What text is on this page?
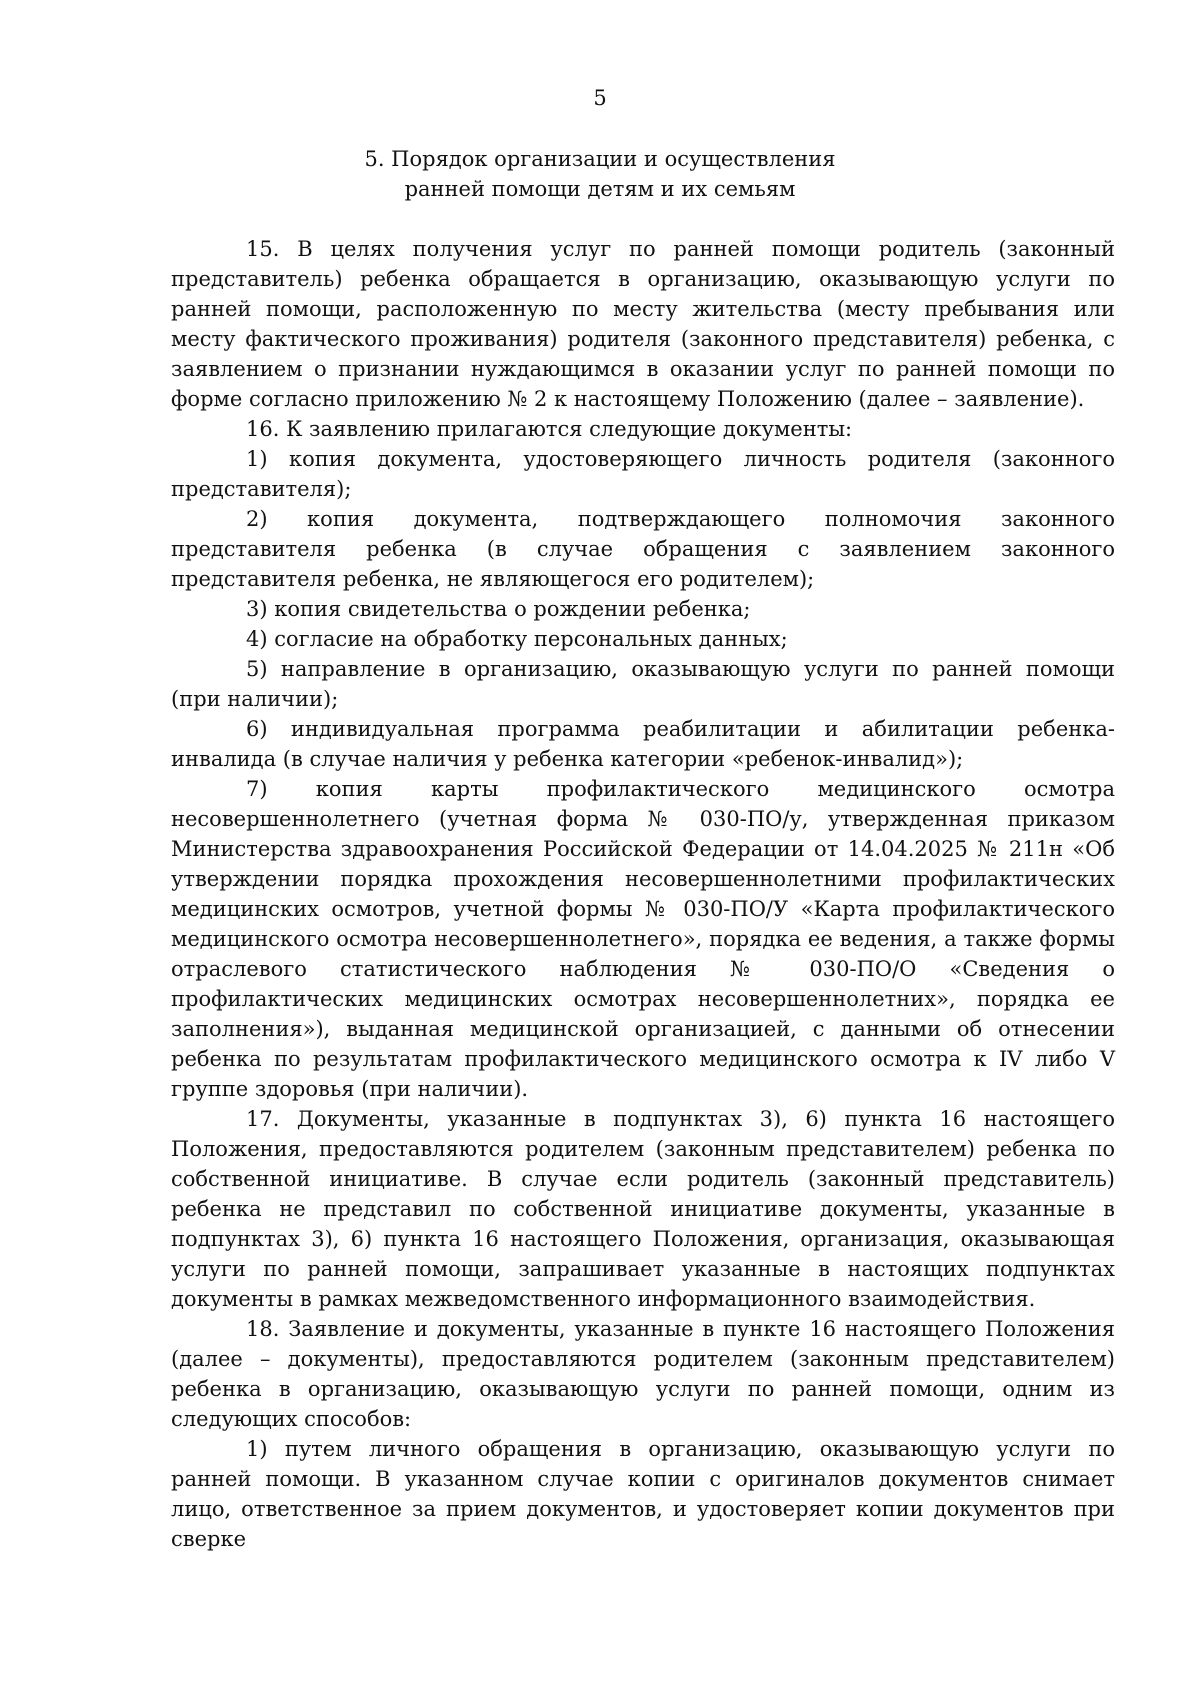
5
5. Порядок организации и осуществления
ранней помощи детям и их семьям

15. В целях получения услуг по ранней помощи родитель (законный представитель) ребенка обращается в организацию, оказывающую услуги по ранней помощи, расположенную по месту жительства (месту пребывания или месту фактического проживания) родителя (законного представителя) ребенка, с заявлением о признании нуждающимся в оказании услуг по ранней помощи по форме согласно приложению № 2 к настоящему Положению (далее – заявление).

16. К заявлению прилагаются следующие документы:

1) копия документа, удостоверяющего личность родителя (законного представителя);

2) копия документа, подтверждающего полномочия законного представителя ребенка (в случае обращения с заявлением законного представителя ребенка, не являющегося его родителем);

3) копия свидетельства о рождении ребенка;

4) согласие на обработку персональных данных;

5) направление в организацию, оказывающую услуги по ранней помощи (при наличии);

6) индивидуальная программа реабилитации и абилитации ребенка-инвалида (в случае наличия у ребенка категории «ребенок-инвалид»);

7) копия карты профилактического медицинского осмотра несовершеннолетнего (учетная форма № 030-ПО/у, утвержденная приказом Министерства здравоохранения Российской Федерации от 14.04.2025 № 211н «Об утверждении порядка прохождения несовершеннолетними профилактических медицинских осмотров, учетной формы № 030-ПО/У «Карта профилактического медицинского осмотра несовершеннолетнего», порядка ее ведения, а также формы отраслевого статистического наблюдения № 030-ПО/О «Сведения о профилактических медицинских осмотрах несовершеннолетних», порядка ее заполнения»), выданная медицинской организацией, с данными об отнесении ребенка по результатам профилактического медицинского осмотра к IV либо V группе здоровья (при наличии).

17. Документы, указанные в подпунктах 3), 6) пункта 16 настоящего Положения, предоставляются родителем (законным представителем) ребенка по собственной инициативе. В случае если родитель (законный представитель) ребенка не представил по собственной инициативе документы, указанные в подпунктах 3), 6) пункта 16 настоящего Положения, организация, оказывающая услуги по ранней помощи, запрашивает указанные в настоящих подпунктах документы в рамках межведомственного информационного взаимодействия.

18. Заявление и документы, указанные в пункте 16 настоящего Положения (далее – документы), предоставляются родителем (законным представителем) ребенка в организацию, оказывающую услуги по ранней помощи, одним из следующих способов:

1) путем личного обращения в организацию, оказывающую услуги по ранней помощи. В указанном случае копии с оригиналов документов снимает лицо, ответственное за прием документов, и удостоверяет копии документов при сверке
